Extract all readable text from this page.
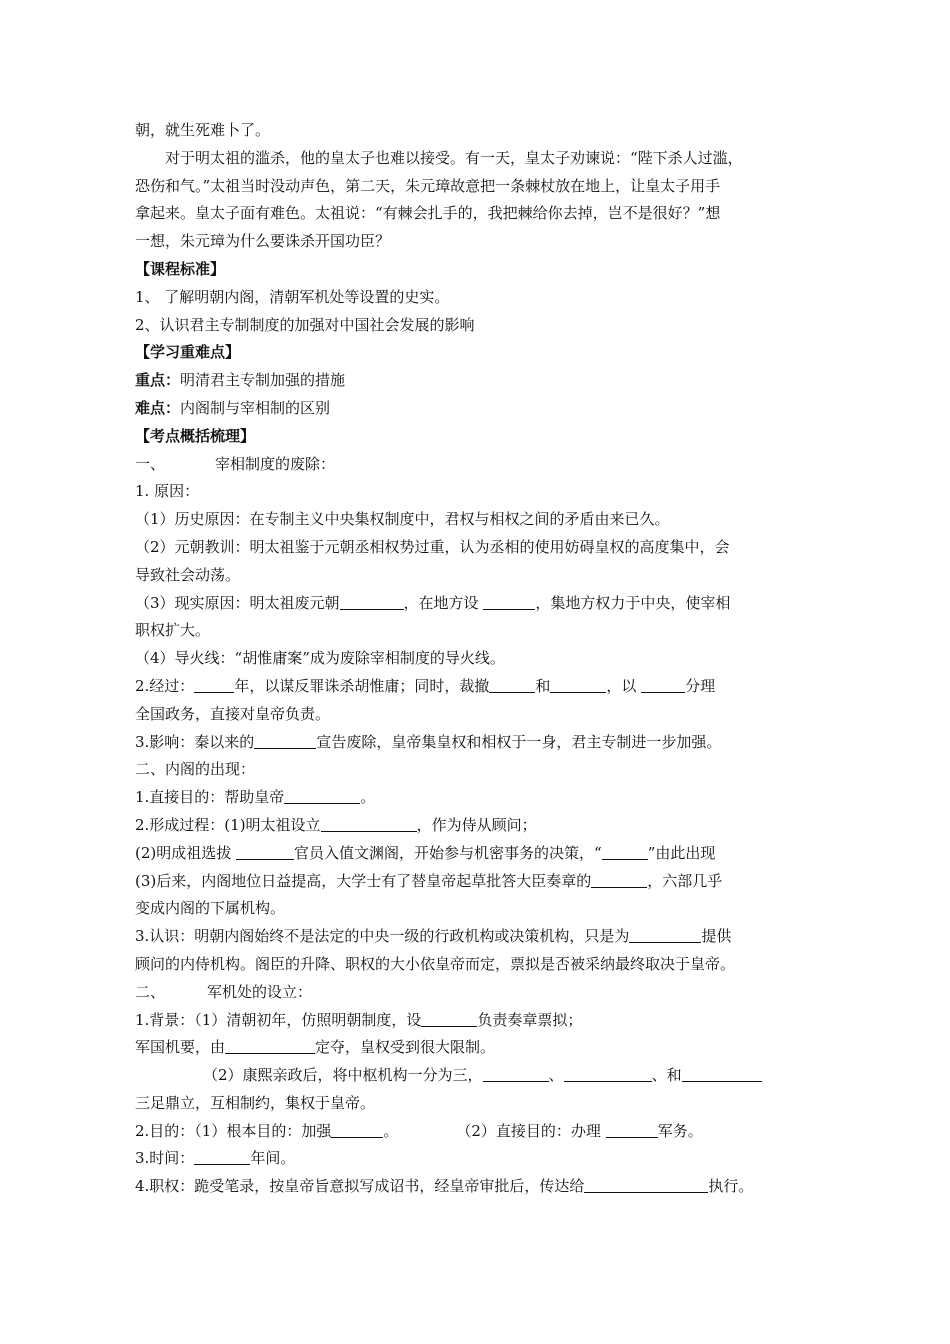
朝，就生死难卜了。
对于明太祖的滥杀，他的皇太子也难以接受。有一天，皇太子劝谏说：“陛下杀人过滥，
恐伤和气。”太祖当时没动声色，第二天，朱元璋故意把一条棘杖放在地上，让皇太子用手
拿起来。皇太子面有难色。太祖说：“有棘会扎手的，我把棘给你去掉，岂不是很好？”想
一想，朱元璋为什么要诛杀开国功臣？
【课程标准】
1、 了解明朝内阁，清朝军机处等设置的史实。
2、认识君主专制制度的加强对中国社会发展的影响
【学习重难点】
重点：明清君主专制加强的措施
难点：内阁制与宰相制的区别
【考点概括梳理】
一、	宰相制度的废除：
1. 原因：
（1）历史原因：在专制主义中央集权制度中，君权与相权之间的矛盾由来已久。
（2）元朝教训：明太祖鉴于元朝丞相权势过重，认为丞相的使用妨碍皇权的高度集中，会
导致社会动荡。
（3）现实原因：明太祖废元朝	，在地方设	，集地方权力于中央，使宰相
职权扩大。
（4）导火线：“胡惟庸案”成为废除宰相制度的导火线。
2.经过：	年，以谋反罪诛杀胡惟庸；同时，裁撤	和	，以	分理
全国政务，直接对皇帝负责。
3.影响：秦以来的	宣告废除，皇帝集皇权和相权于一身，君主专制进一步加强。
二、内阁的出现：
1.直接目的：帮助皇帝	。
2.形成过程：(1)明太祖设立	，作为侍从顾问；
(2)明成祖选拔	官员入值文渊阁，开始参与机密事务的决策，“	”由此出现
(3)后来，内阁地位日益提高，大学士有了替皇帝起草批答大臣奏章的	，六部几乎
变成内阁的下属机构。
3.认识：明朝内阁始终不是法定的中央一级的行政机构或决策机构，只是为	提供
顾问的内侍机构。阁臣的升降、职权的大小依皇帝而定，票拟是否被采纳最终取决于皇帝。
二、	军机处的设立：
1.背景：（1）清朝初年，仿照明朝制度，设	负责奏章票拟；
军国机要，由	定夺，皇权受到很大限制。
（2）康熙亲政后，将中枢机构一分为三，	、	、和
三足鼎立，互相制约，集权于皇帝。
2.目的：（1）根本目的：加强	。	（2）直接目的：办理	军务。
3.时间：	年间。
4.职权：跪受笔录，按皇帝旨意拟写成诏书，经皇帝审批后，传达给	执行。
